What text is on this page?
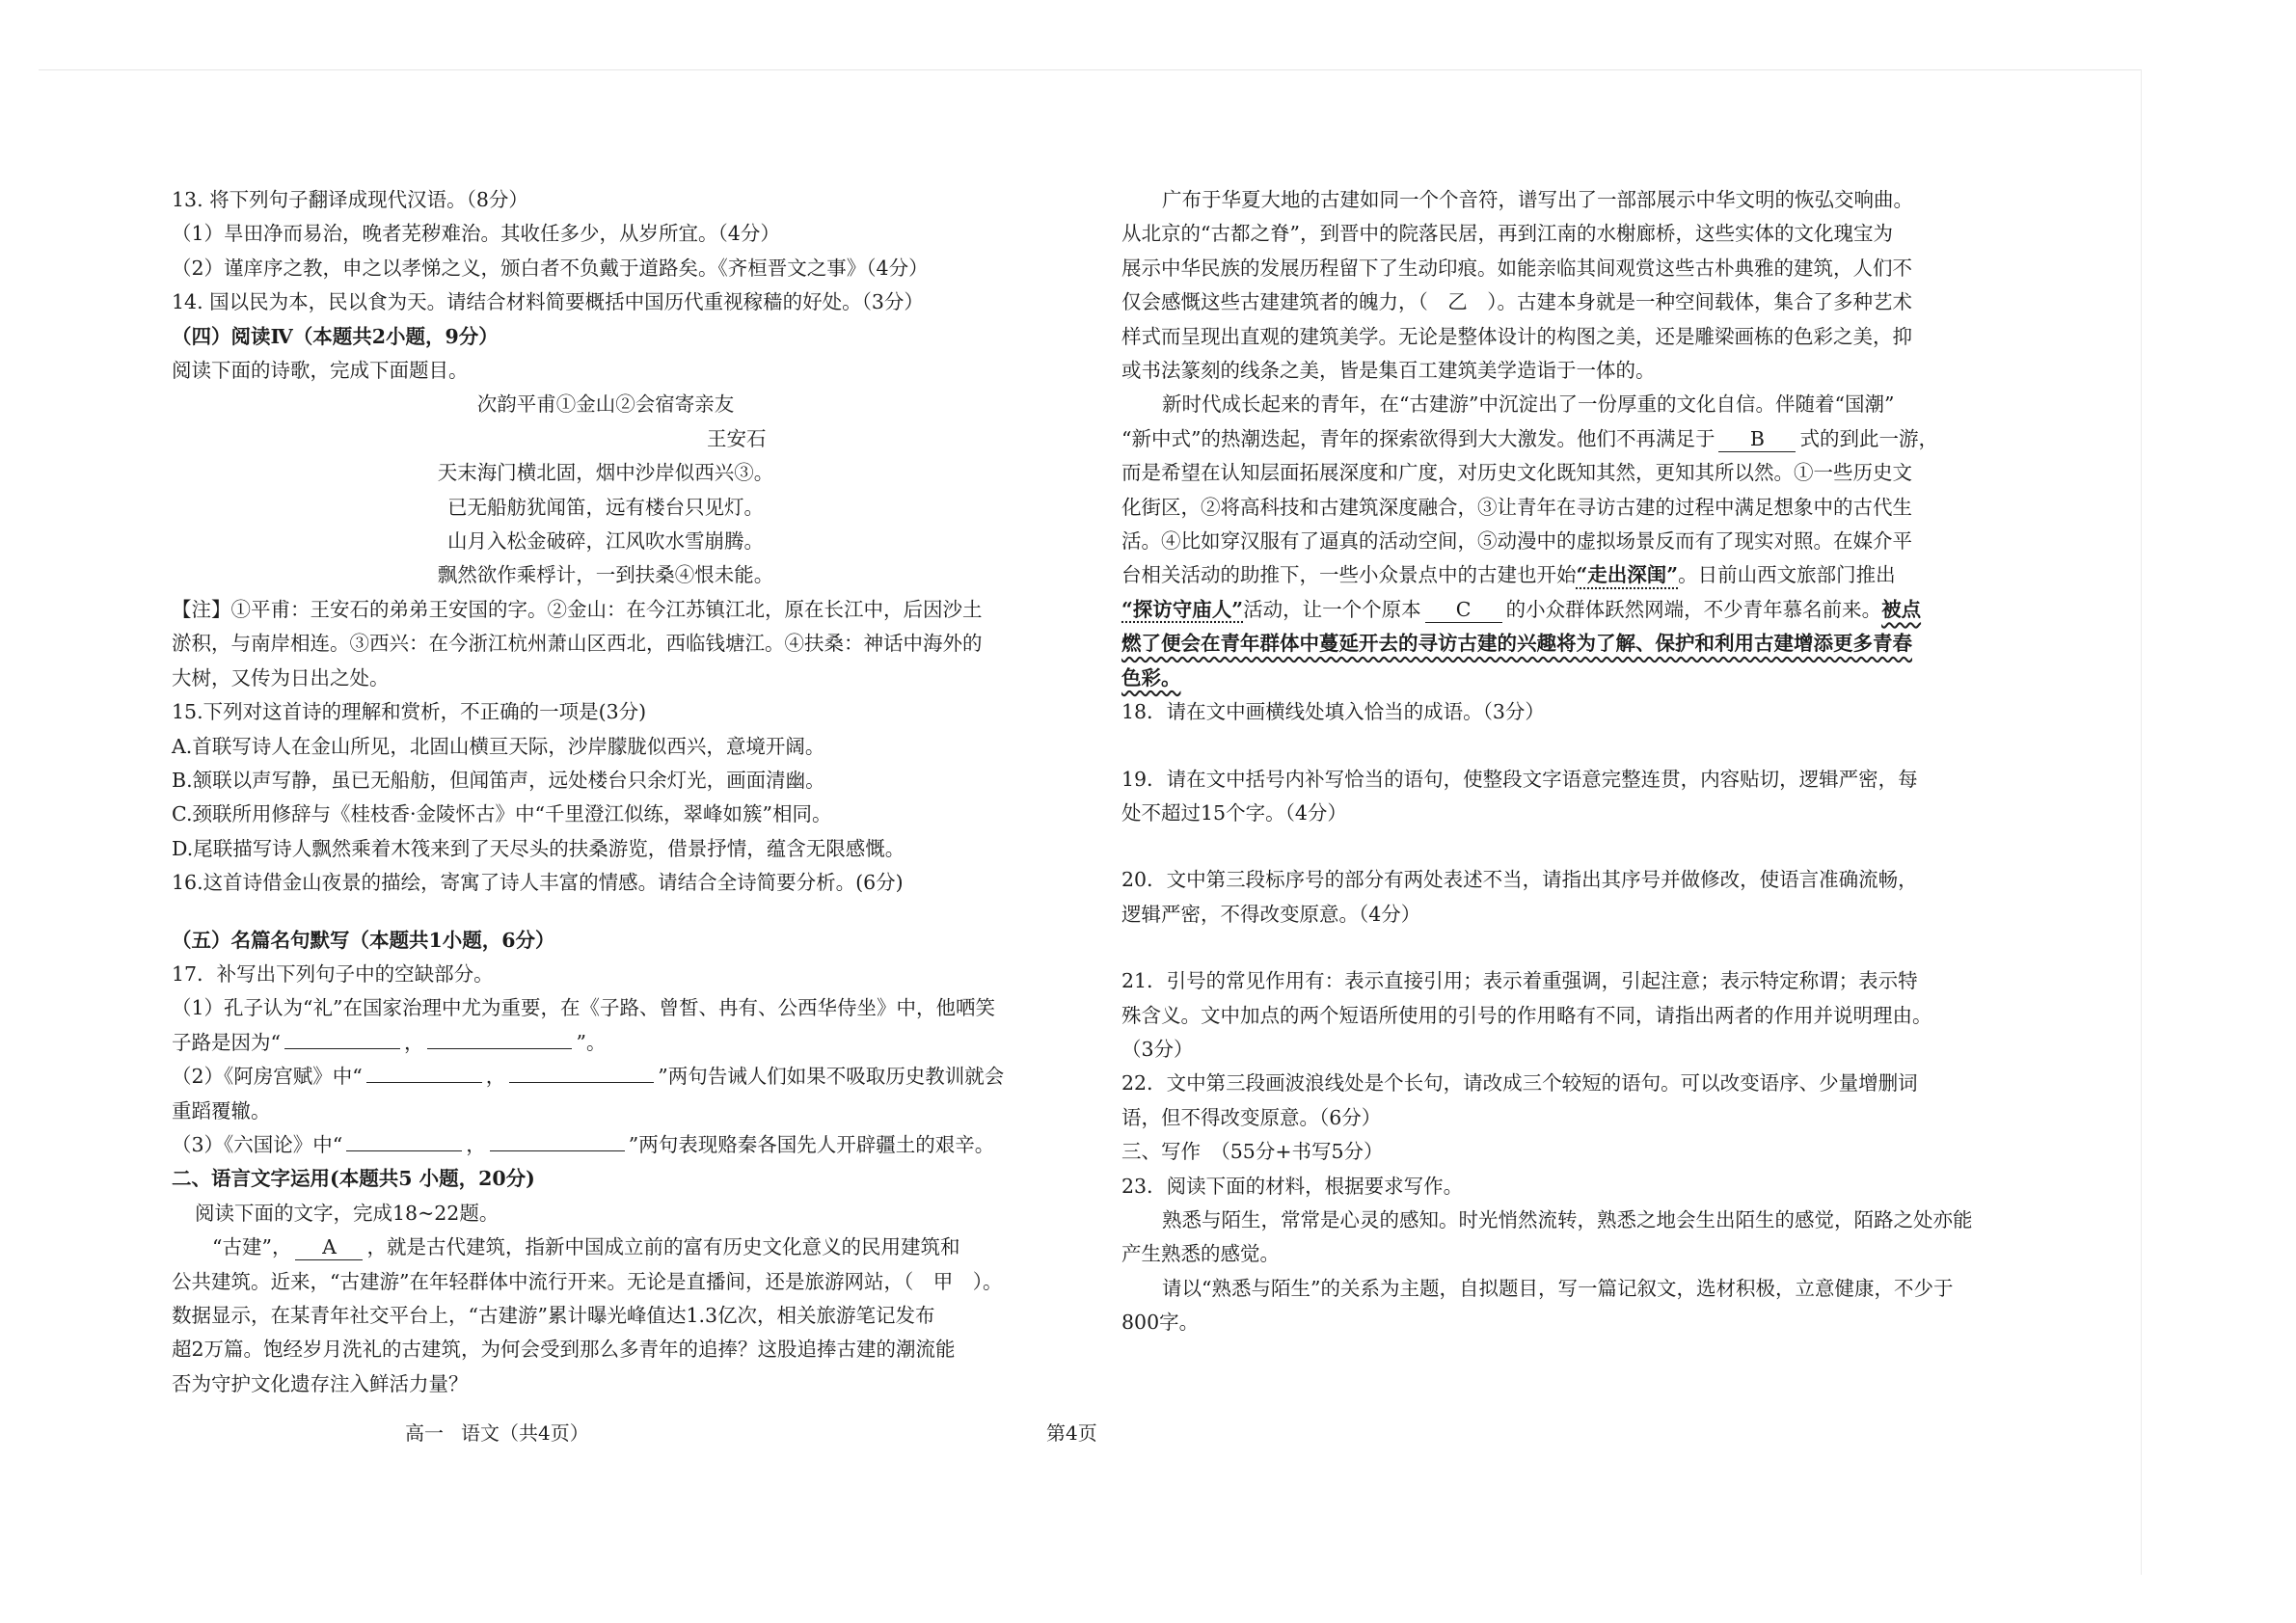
13. 将下列句子翻译成现代汉语。（8分）

（1）旱田净而易治，晚者芜秽难治。其收任多少，从岁所宜。（4分）

（2）谨庠序之教，申之以孝悌之义，颁白者不负戴于道路矣。《齐桓晋文之事》（4分）

14. 国以民为本，民以食为天。请结合材料简要概括中国历代重视稼穑的好处。（3分）

（四）阅读Ⅳ（本题共2小题，9分）

阅读下面的诗歌，完成下面题目。

次韵平甫①金山②会宿寄亲友

王安石

天末海门横北固，烟中沙岸似西兴③。

已无船舫犹闻笛，远有楼台只见灯。

山月入松金破碎，江风吹水雪崩腾。

飘然欲作乘桴计，一到扶桑④恨未能。

【注】①平甫：王安石的弟弟王安国的字。②金山：在今江苏镇江北，原在长江中，后因沙土

淤积，与南岸相连。③西兴：在今浙江杭州萧山区西北，西临钱塘江。④扶桑：神话中海外的

大树，又传为日出之处。

15.下列对这首诗的理解和赏析，不正确的一项是(3分)

A.首联写诗人在金山所见，北固山横亘天际，沙岸朦胧似西兴，意境开阔。

B.颔联以声写静，虽已无船舫，但闻笛声，远处楼台只余灯光，画面清幽。

C.颈联所用修辞与《桂枝香·金陵怀古》中“千里澄江似练，翠峰如簇”相同。

D.尾联描写诗人飘然乘着木筏来到了天尽头的扶桑游览，借景抒情，蕴含无限感慨。

16.这首诗借金山夜景的描绘，寄寓了诗人丰富的情感。请结合全诗简要分析。(6分)

（五）名篇名句默写（本题共1小题，6分）

17．补写出下列句子中的空缺部分。

（1）孔子认为“礼”在国家治理中尤为重要，在《子路、曾皙、冉有、公西华侍坐》中，他哂笑

子路是因为“	，	”。

（2）《阿房宫赋》中“	，	”两句告诫人们如果不吸取历史教训就会

重蹈覆辙。

（3）《六国论》中“	，	”两句表现赂秦各国先人开辟疆土的艰辛。

二、语言文字运用(本题共5 小题，20分)

阅读下面的文字，完成18~22题。

“古建”， A ，就是古代建筑，指新中国成立前的富有历史文化意义的民用建筑和

公共建筑。近来，“古建游”在年轻群体中流行开来。无论是直播间，还是旅游网站，（　甲　）。

数据显示，在某青年社交平台上，“古建游”累计曝光峰值达1.3亿次，相关旅游笔记发布

超2万篇。饱经岁月洗礼的古建筑，为何会受到那么多青年的追捧？这股追捧古建的潮流能

否为守护文化遗存注入鲜活力量？

广布于华夏大地的古建如同一个个音符，谱写出了一部部展示中华文明的恢弘交响曲。

从北京的“古都之脊”，到晋中的院落民居，再到江南的水榭廊桥，这些实体的文化瑰宝为

展示中华民族的发展历程留下了生动印痕。如能亲临其间观赏这些古朴典雅的建筑，人们不

仅会感慨这些古建建筑者的魄力，（　乙　）。古建本身就是一种空间载体，集合了多种艺术

样式而呈现出直观的建筑美学。无论是整体设计的构图之美，还是雕梁画栋的色彩之美，抑

或书法篆刻的线条之美，皆是集百工建筑美学造诣于一体的。

新时代成长起来的青年，在“古建游”中沉淀出了一份厚重的文化自信。伴随着“国潮”

“新中式”的热潮迭起，青年的探索欲得到大大激发。他们不再满足于 B 式的到此一游，

而是希望在认知层面拓展深度和广度，对历史文化既知其然，更知其所以然。①一些历史文

化街区，②将高科技和古建筑深度融合，③让青年在寻访古建的过程中满足想象中的古代生

活。④比如穿汉服有了逼真的活动空间，⑤动漫中的虚拟场景反而有了现实对照。在媒介平

台相关活动的助推下，一些小众景点中的古建也开始“走出深闺”。日前山西文旅部门推出

“探访守庙人”活动，让一个个原本 C 的小众群体跃然网端，不少青年慕名前来。被点

燃了便会在青年群体中蔓延开去的寻访古建的兴趣将为了解、保护和利用古建增添更多青春

色彩。

18．请在文中画横线处填入恰当的成语。（3分）

19．请在文中括号内补写恰当的语句，使整段文字语意完整连贯，内容贴切，逻辑严密，每

处不超过15个字。（4分）

20．文中第三段标序号的部分有两处表述不当，请指出其序号并做修改，使语言准确流畅，

逻辑严密，不得改变原意。（4分）

21．引号的常见作用有：表示直接引用；表示着重强调，引起注意；表示特定称谓；表示特

殊含义。文中加点的两个短语所使用的引号的作用略有不同，请指出两者的作用并说明理由。

（3分）

22．文中第三段画波浪线处是个长句，请改成三个较短的语句。可以改变语序、少量增删词

语，但不得改变原意。（6分）

三、写作　（55分+书写5分）

23．阅读下面的材料，根据要求写作。

熟悉与陌生，常常是心灵的感知。时光悄然流转，熟悉之地会生出陌生的感觉，陌路之处亦能

产生熟悉的感觉。

请以“熟悉与陌生”的关系为主题，自拟题目，写一篇记叙文，选材积极，立意健康，不少于

800字。

高一 语文（共4页）	第4页
